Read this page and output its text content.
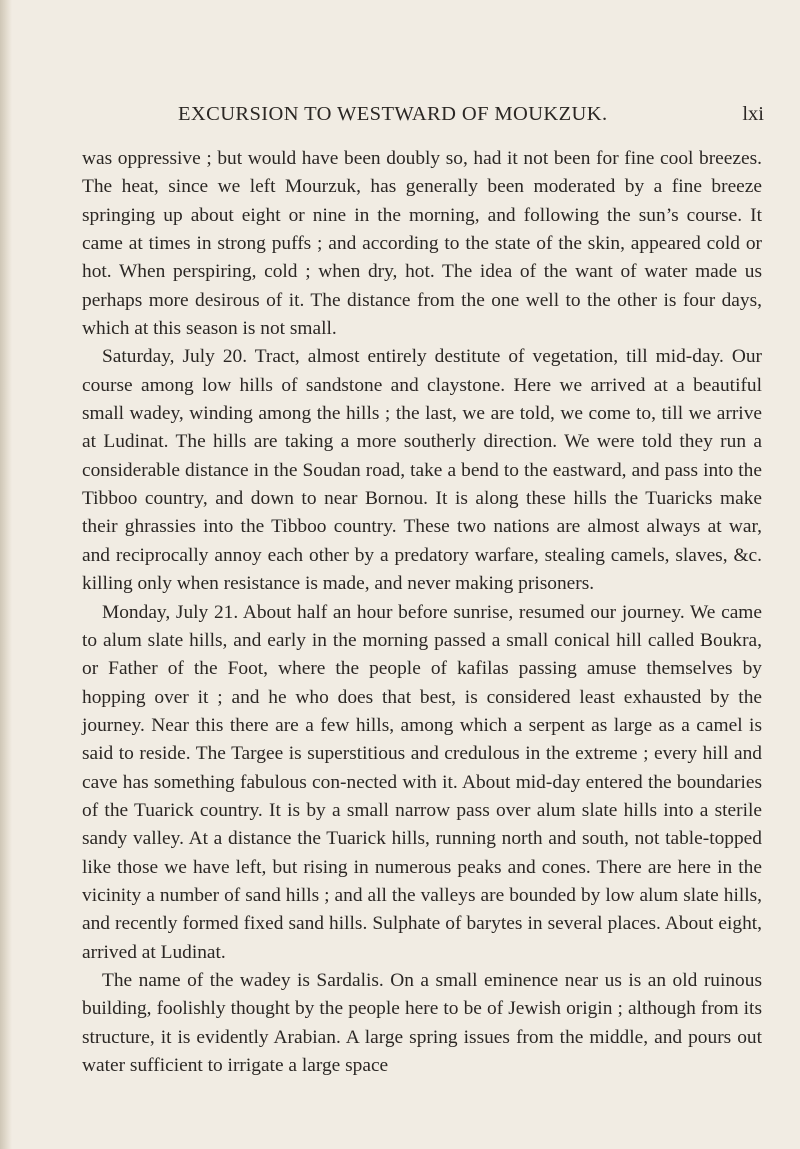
EXCURSION TO WESTWARD OF MOUKZUK.	lxi

was oppressive ; but would have been doubly so, had it not been for fine cool breezes. The heat, since we left Mourzuk, has generally been moderated by a fine breeze springing up about eight or nine in the morning, and following the sun’s course. It came at times in strong puffs ; and according to the state of the skin, appeared cold or hot. When perspiring, cold ; when dry, hot. The idea of the want of water made us perhaps more desirous of it. The distance from the one well to the other is four days, which at this season is not small.

Saturday, July 20. Tract, almost entirely destitute of vegetation, till mid-day. Our course among low hills of sandstone and claystone. Here we arrived at a beautiful small wadey, winding among the hills ; the last, we are told, we come to, till we arrive at Ludinat. The hills are taking a more southerly direction. We were told they run a considerable distance in the Soudan road, take a bend to the eastward, and pass into the Tibboo country, and down to near Bornou. It is along these hills the Tuaricks make their ghrassies into the Tibboo country. These two nations are almost always at war, and reciprocally annoy each other by a predatory warfare, stealing camels, slaves, &c. killing only when resistance is made, and never making prisoners.

Monday, July 21. About half an hour before sunrise, resumed our journey. We came to alum slate hills, and early in the morning passed a small conical hill called Boukra, or Father of the Foot, where the people of kafilas passing amuse themselves by hopping over it ; and he who does that best, is considered least exhausted by the journey. Near this there are a few hills, among which a serpent as large as a camel is said to reside. The Targee is superstitious and credulous in the extreme ; every hill and cave has something fabulous con-nected with it. About mid-day entered the boundaries of the Tuarick country. It is by a small narrow pass over alum slate hills into a sterile sandy valley. At a distance the Tuarick hills, running north and south, not table-topped like those we have left, but rising in numerous peaks and cones. There are here in the vicinity a number of sand hills ; and all the valleys are bounded by low alum slate hills, and recently formed fixed sand hills. Sulphate of barytes in several places. About eight, arrived at Ludinat.

The name of the wadey is Sardalis. On a small eminence near us is an old ruinous building, foolishly thought by the people here to be of Jewish origin ; although from its structure, it is evidently Arabian. A large spring issues from the middle, and pours out water sufficient to irrigate a large space
